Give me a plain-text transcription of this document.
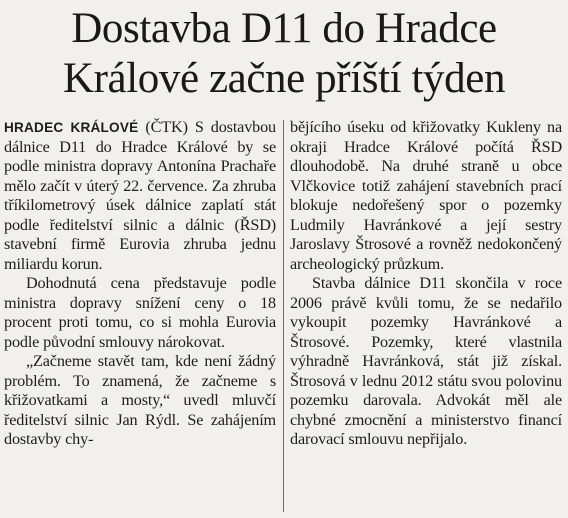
Dostavba D11 do Hradce
Králové začne příští týden

HRADEC KRÁLOVÉ (ČTK) S dostavbou dálnice D11 do Hradce Králové by se podle ministra dopravy Antonína Prachaře mělo začít v úterý 22. července. Za zhruba tříkilometrový úsek dálnice zaplatí stát podle ředitelství silnic a dálnic (ŘSD) stavební firmě Eurovia zhruba jednu miliardu korun.

Dohodnutá cena představuje podle ministra dopravy snížení ceny o 18 procent proti tomu, co si mohla Eurovia podle původní smlouvy nárokovat.

„Začneme stavět tam, kde není žádný problém. To znamená, že začneme s křižovatkami a mosty,“ uvedl mluvčí ředitelství silnic Jan Rýdl. Se zahájením dostavby chy-

bějícího úseku od křižovatky Kukleny na okraji Hradce Králové počítá ŘSD dlouhodobě. Na druhé straně u obce Vlčkovice totiž zahájení stavebních prací blokuje nedořešený spor o pozemky Ludmily Havránkové a její sestry Jaroslavy Štrosové a rovněž nedokončený archeologický průzkum.

Stavba dálnice D11 skončila v roce 2006 právě kvůli tomu, že se nedařilo vykoupit pozemky Havránkové a Štrosové. Pozemky, které vlastnila výhradně Havránková, stát již získal. Štrosová v lednu 2012 státu svou polovinu pozemku darovala. Advokát měl ale chybné zmocnění a ministerstvo financí darovací smlouvu nepřijalo.
